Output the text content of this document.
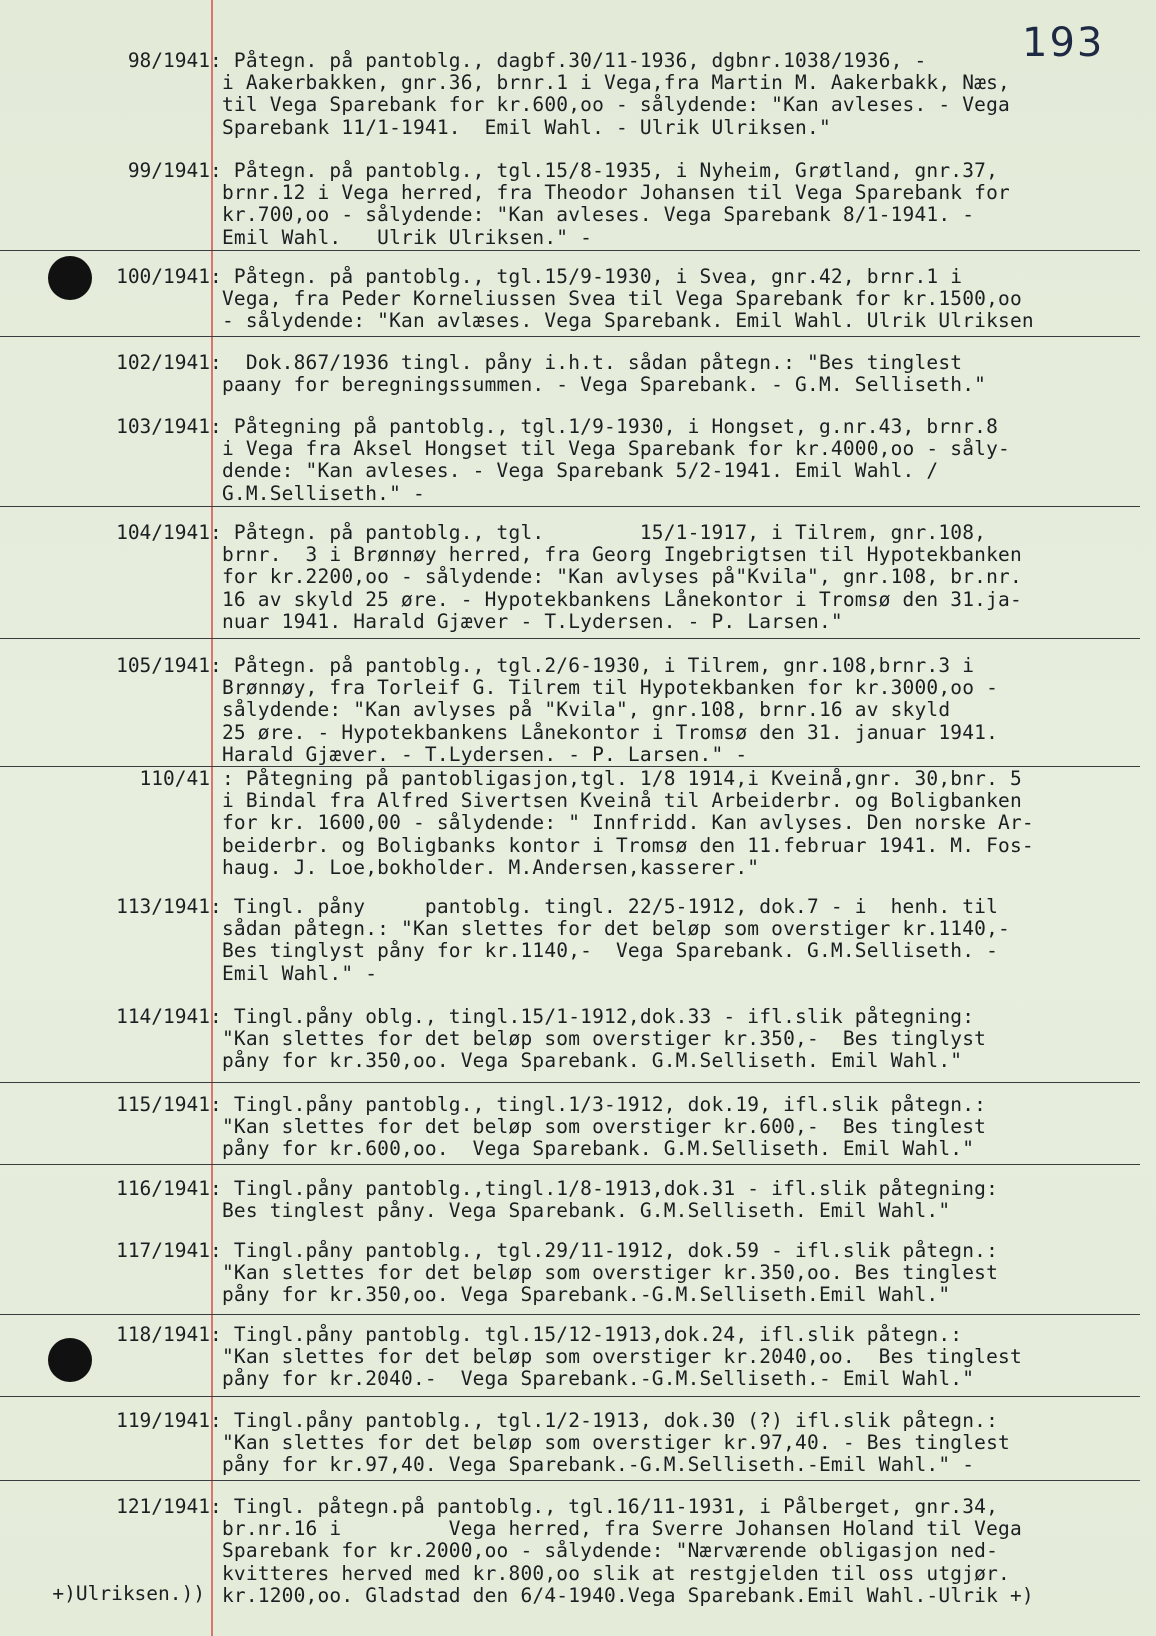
193
98/1941 : Påtegn. på pantoblg., dagbf.30/11-1936, dgbnr.1038/1936, -
i Aakerbakken, gnr.36, brnr.1 i Vega,fra Martin M. Aakerbakk, Næs,
til Vega Sparebank for kr.600,oo - sålydende: "Kan avleses. - Vega
Sparebank 11/1-1941.  Emil Wahl. - Ulrik Ulriksen."
99/1941 : Påtegn. på pantoblg., tgl.15/8-1935, i Nyheim, Grøtland, gnr.37,
brnr.12 i Vega herred, fra Theodor Johansen til Vega Sparebank for
kr.700,oo - sålydende: "Kan avleses. Vega Sparebank 8/1-1941. -
Emil Wahl.   Ulrik Ulriksen." -
100/1941 : Påtegn. på pantoblg., tgl.15/9-1930, i Svea, gnr.42, brnr.1 i
Vega, fra Peder Korneliussen Svea til Vega Sparebank for kr.1500,oo
- sålydende: "Kan avlæses. Vega Sparebank. Emil Wahl. Ulrik Ulriksen
102/1941 :  Dok.867/1936 tingl. påny i.h.t. sådan påtegn.: "Bes tinglest
paany for beregningssummen. - Vega Sparebank. - G.M. Selliseth."
103/1941 : Påtegning på pantoblg., tgl.1/9-1930, i Hongset, g.nr.43, brnr.8
i Vega fra Aksel Hongset til Vega Sparebank for kr.4000,oo - såly-
dende: "Kan avleses. - Vega Sparebank 5/2-1941. Emil Wahl. /
G.M.Selliseth." -
104/1941 : Påtegn. på pantoblg., tgl.        15/1-1917, i Tilrem, gnr.108,
brnr.  3 i Brønnøy herred, fra Georg Ingebrigtsen til Hypotekbanken
for kr.2200,oo - sålydende: "Kan avlyses på"Kvila", gnr.108, br.nr.
16 av skyld 25 øre. - Hypotekbankens Lånekontor i Tromsø den 31.ja-
nuar 1941. Harald Gjæver - T.Lydersen. - P. Larsen."
105/1941 : Påtegn. på pantoblg., tgl.2/6-1930, i Tilrem, gnr.108,brnr.3 i
Brønnøy, fra Torleif G. Tilrem til Hypotekbanken for kr.3000,oo -
sålydende: "Kan avlyses på "Kvila", gnr.108, brnr.16 av skyld
25 øre. - Hypotekbankens Lånekontor i Tromsø den 31. januar 1941.
Harald Gjæver. - T.Lydersen. - P. Larsen." -
110/41 : Påtegning på pantobligasjon,tgl. 1/8 1914,i Kveinå,gnr. 30,bnr. 5
i Bindal fra Alfred Sivertsen Kveinå til Arbeiderbr. og Boligbanken
for kr. 1600,00 - sålydende: " Innfridd. Kan avlyses. Den norske Ar-
beiderbr. og Boligbanks kontor i Tromsø den 11.februar 1941. M. Fos-
haug. J. Loe,bokholder. M.Andersen,kasserer."
113/1941 : Tingl. påny     pantoblg. tingl. 22/5-1912, dok.7 - i  henh. til
sådan påtegn.: "Kan slettes for det beløp som overstiger kr.1140,-
Bes tinglyst påny for kr.1140,-  Vega Sparebank. G.M.Selliseth. -
Emil Wahl." -
114/1941 : Tingl.påny oblg., tingl.15/1-1912,dok.33 - ifl.slik påtegning:
"Kan slettes for det beløp som overstiger kr.350,-  Bes tinglyst
påny for kr.350,oo. Vega Sparebank. G.M.Selliseth. Emil Wahl."
115/1941 : Tingl.påny pantoblg., tingl.1/3-1912, dok.19, ifl.slik påtegn.:
"Kan slettes for det beløp som overstiger kr.600,-  Bes tinglest
påny for kr.600,oo.  Vega Sparebank. G.M.Selliseth. Emil Wahl."
116/1941 : Tingl.påny pantoblg.,tingl.1/8-1913,dok.31 - ifl.slik påtegning:
Bes tinglest påny. Vega Sparebank. G.M.Selliseth. Emil Wahl."
117/1941 : Tingl.påny pantoblg., tgl.29/11-1912, dok.59 - ifl.slik påtegn.:
"Kan slettes for det beløp som overstiger kr.350,oo. Bes tinglest
påny for kr.350,oo. Vega Sparebank.-G.M.Selliseth.Emil Wahl."
118/1941 : Tingl.påny pantoblg. tgl.15/12-1913,dok.24, ifl.slik påtegn.:
"Kan slettes for det beløp som overstiger kr.2040,oo.  Bes tinglest
påny for kr.2040.-  Vega Sparebank.-G.M.Selliseth.- Emil Wahl."
119/1941 : Tingl.påny pantoblg., tgl.1/2-1913, dok.30 (?) ifl.slik påtegn.:
"Kan slettes for det beløp som overstiger kr.97,40. - Bes tinglest
påny for kr.97,40. Vega Sparebank.-G.M.Selliseth.-Emil Wahl." -
121/1941 : Tingl. påtegn.på pantoblg., tgl.16/11-1931, i Pålberget, gnr.34,
br.nr.16 i         Vega herred, fra Sverre Johansen Holand til Vega
Sparebank for kr.2000,oo - sålydende: "Nærværende obligasjon ned-
kvitteres herved med kr.800,oo slik at restgjelden til oss utgjør.
kr.1200,oo. Gladstad den 6/4-1940.Vega Sparebank.Emil Wahl.-Ulrik +)
+)Ulriksen.))
